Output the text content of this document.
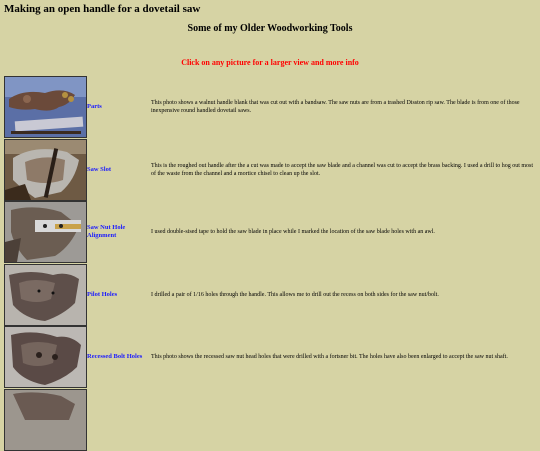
Making an open handle for a dovetail saw
Some of my Older Woodworking Tools
Click on any picture for a larger view and more info
Parts
This photo shows a walnut handle blank that was cut out with a bandsaw. The saw nuts are from a trashed Disston rip saw. The blade is from one of those inexpensive round handled dovetail saws.
Saw Slot
This is the roughed out handle after the a cut was made to accept the saw blade and a channel was cut to accept the brass backing. I used a drill to hog out most of the waste from the channel and a mortice chisel to clean up the slot.
Saw Nut Hole Alignment
I used double-sised tape to hold the saw blade in place while I marked the location of the saw blade holes with an awl.
Pilot Holes	I drilled a pair of 1/16 holes through the handle. This allows me to drill out the recess on both sides for the saw nut/bolt.
Recessed Bolt Holes	This photo shows the recessed saw nut head holes that were drilled with a fortsner bit. The holes have also been enlarged to accept the saw nut shaft.
